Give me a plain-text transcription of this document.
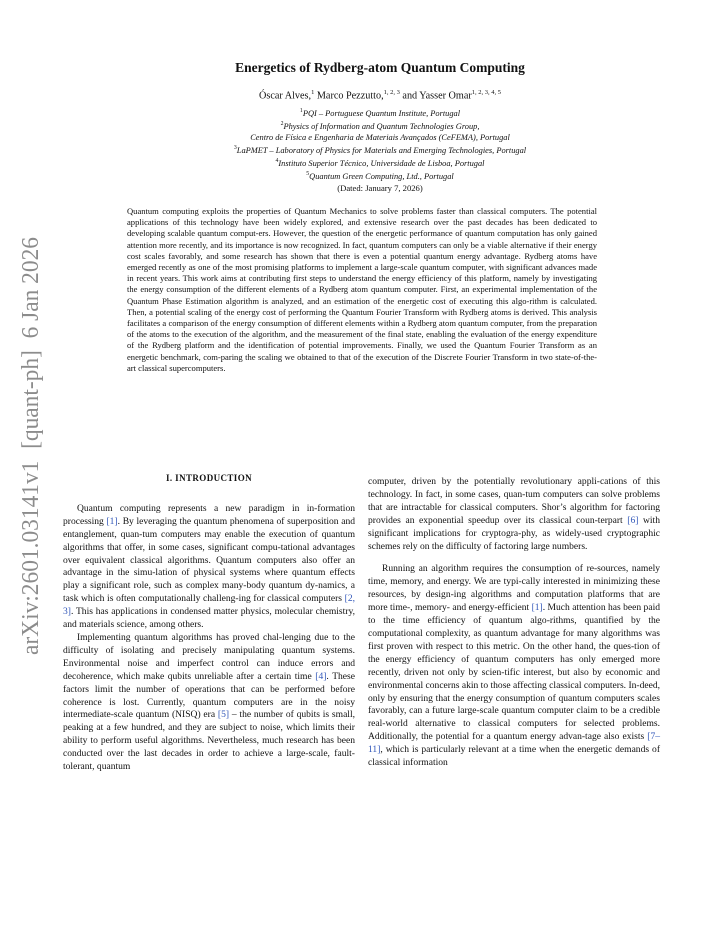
arXiv:2601.03141v1  [quant-ph]  6 Jan 2026
Energetics of Rydberg-atom Quantum Computing
Óscar Alves,$^1$ Marco Pezzutto,$^{1, 2, 3}$ and Yasser Omar$^{1, 2, 3, 4, 5}$
$^1$PQI – Portuguese Quantum Institute, Portugal
$^2$Physics of Information and Quantum Technologies Group,
Centro de Física e Engenharia de Materiais Avançados (CeFEMA), Portugal
$^3$LaPMET – Laboratory of Physics for Materials and Emerging Technologies, Portugal
$^4$Instituto Superior Técnico, Universidade de Lisboa, Portugal
$^5$Quantum Green Computing, Ltd., Portugal
(Dated: January 7, 2026)
Quantum computing exploits the properties of Quantum Mechanics to solve problems faster than classical computers. The potential applications of this technology have been widely explored, and extensive research over the past decades has been dedicated to developing scalable quantum comput-ers. However, the question of the energetic performance of quantum computation has only gained attention more recently, and its importance is now recognized. In fact, quantum computers can only be a viable alternative if their energy cost scales favorably, and some research has shown that there is even a potential quantum energy advantage. Rydberg atoms have emerged recently as one of the most promising platforms to implement a large-scale quantum computer, with significant advances made in recent years. This work aims at contributing first steps to understand the energy efficiency of this platform, namely by investigating the energy consumption of the different elements of a Rydberg atom quantum computer. First, an experimental implementation of the Quantum Phase Estimation algorithm is analyzed, and an estimation of the energetic cost of executing this algo-rithm is calculated. Then, a potential scaling of the energy cost of performing the Quantum Fourier Transform with Rydberg atoms is derived. This analysis facilitates a comparison of the energy consumption of different elements within a Rydberg atom quantum computer, from the preparation of the atoms to the execution of the algorithm, and the measurement of the final state, enabling the evaluation of the energy expenditure of the Rydberg platform and the identification of potential improvements. Finally, we used the Quantum Fourier Transform as an energetic benchmark, com-paring the scaling we obtained to that of the execution of the Discrete Fourier Transform in two state-of-the-art classical supercomputers.
I. INTRODUCTION

Quantum computing represents a new paradigm in in-formation processing [1]. By leveraging the quantum phenomena of superposition and entanglement, quan-tum computers may enable the execution of quantum algorithms that offer, in some cases, significant compu-tational advantages over equivalent classical algorithms. Quantum computers also offer an advantage in the simu-lation of physical systems where quantum effects play a significant role, such as complex many-body quantum dy-namics, a task which is often computationally challeng-ing for classical computers [2, 3]. This has applications in condensed matter physics, molecular chemistry, and materials science, among others.

Implementing quantum algorithms has proved chal-lenging due to the difficulty of isolating and precisely manipulating quantum systems. Environmental noise and imperfect control can induce errors and decoherence, which make qubits unreliable after a certain time [4]. These factors limit the number of operations that can be performed before coherence is lost. Currently, quantum computers are in the noisy intermediate-scale quantum (NISQ) era [5] – the number of qubits is small, peaking at a few hundred, and they are subject to noise, which limits their ability to perform useful algorithms. Nevertheless, much research has been conducted over the last decades in order to achieve a large-scale, fault-tolerant, quantum

computer, driven by the potentially revolutionary appli-cations of this technology. In fact, in some cases, quan-tum computers can solve problems that are intractable for classical computers. Shor’s algorithm for factoring provides an exponential speedup over its classical coun-terpart [6] with significant implications for cryptogra-phy, as widely-used cryptographic schemes rely on the difficulty of factoring large numbers.

Running an algorithm requires the consumption of re-sources, namely time, memory, and energy. We are typi-cally interested in minimizing these resources, by design-ing algorithms and computation platforms that are more time-, memory- and energy-efficient [1]. Much attention has been paid to the time efficiency of quantum algo-rithms, quantified by the computational complexity, as quantum advantage for many algorithms was first proven with respect to this metric. On the other hand, the ques-tion of the energy efficiency of quantum computers has only emerged more recently, driven not only by scien-tific interest, but also by economic and environmental concerns akin to those affecting classical computers. In-deed, only by ensuring that the energy consumption of quantum computers scales favorably, can a future large-scale quantum computer claim to be a credible real-world alternative to classical computers for selected problems. Additionally, the potential for a quantum energy advan-tage also exists [7–11], which is particularly relevant at a time when the energetic demands of classical information
